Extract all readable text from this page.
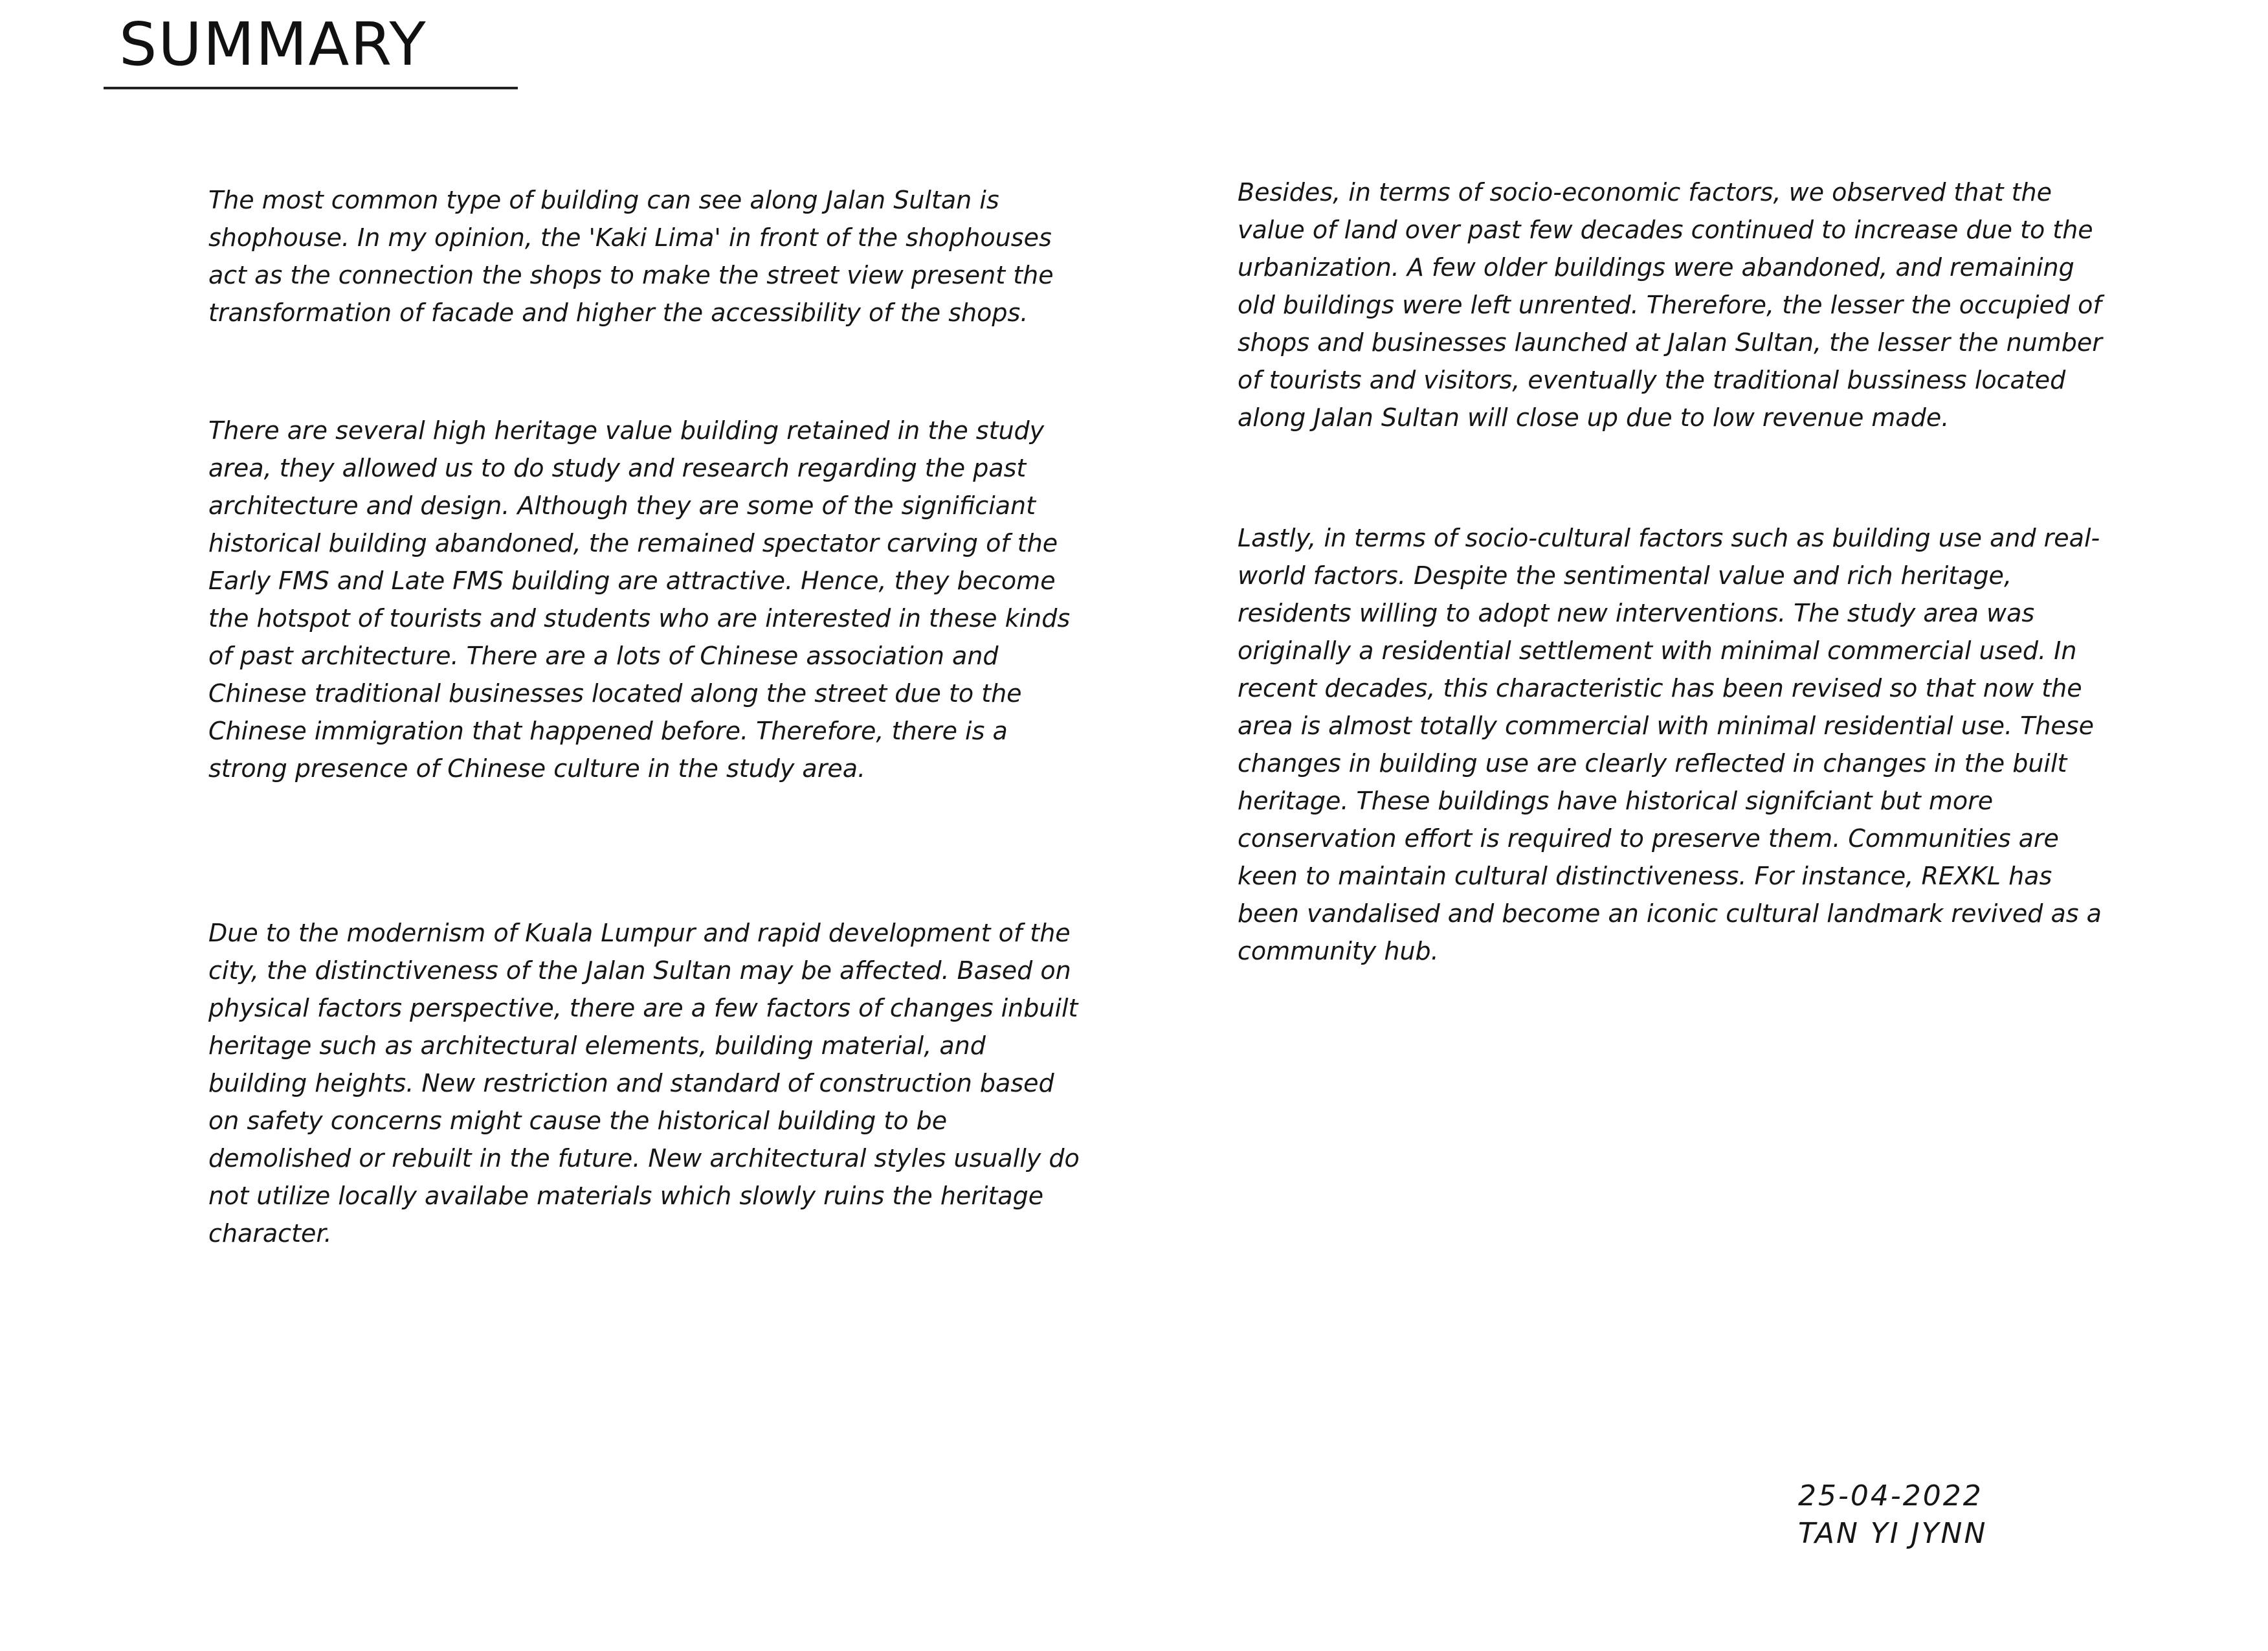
SUMMARY

The most common type of building can see along Jalan Sultan is shophouse. In my opinion, the 'Kaki Lima' in front of the shophouses act as the connection the shops to make the street view present the transformation of facade and higher the accessibility of the shops.

There are several high heritage value building retained in the study area, they allowed us to do study and research regarding the past architecture and design. Although they are some of the significiant historical building abandoned, the remained spectator carving of the Early FMS and Late FMS building are attractive. Hence, they become the hotspot of tourists and students who are interested in these kinds of past architecture. There are a lots of Chinese association and Chinese traditional businesses located along the street due to the Chinese immigration that happened before. Therefore, there is a strong presence of Chinese culture in the study area.

Due to the modernism of Kuala Lumpur and rapid development of the city, the distinctiveness of the Jalan Sultan may be affected. Based on physical factors perspective, there are a few factors of changes inbuilt heritage such as architectural elements, building material, and building heights. New restriction and standard of construction based on safety concerns might cause the historical building to be demolished or rebuilt in the future. New architectural styles usually do not utilize locally availabe materials which slowly ruins the heritage character.

Besides, in terms of socio-economic factors, we observed that the value of land over past few decades continued to increase due to the urbanization. A few older buildings were abandoned, and remaining old buildings were left unrented. Therefore, the lesser the occupied of shops and businesses launched at Jalan Sultan, the lesser the number of tourists and visitors, eventually the traditional bussiness located along Jalan Sultan will close up due to low revenue made.

Lastly, in terms of socio-cultural factors such as building use and real-world factors. Despite the sentimental value and rich heritage, residents willing to adopt new interventions. The study area was originally a residential settlement with minimal commercial used. In recent decades, this characteristic has been revised so that now the area is almost totally commercial with minimal residential use. These changes in building use are clearly reflected in changes in the built heritage. These buildings have historical signifciant but more conservation effort is required to preserve them. Communities are keen to maintain cultural distinctiveness. For instance, REXKL has been vandalised and become an iconic cultural landmark revived as a community hub.

25-04-2022
TAN YI JYNN
